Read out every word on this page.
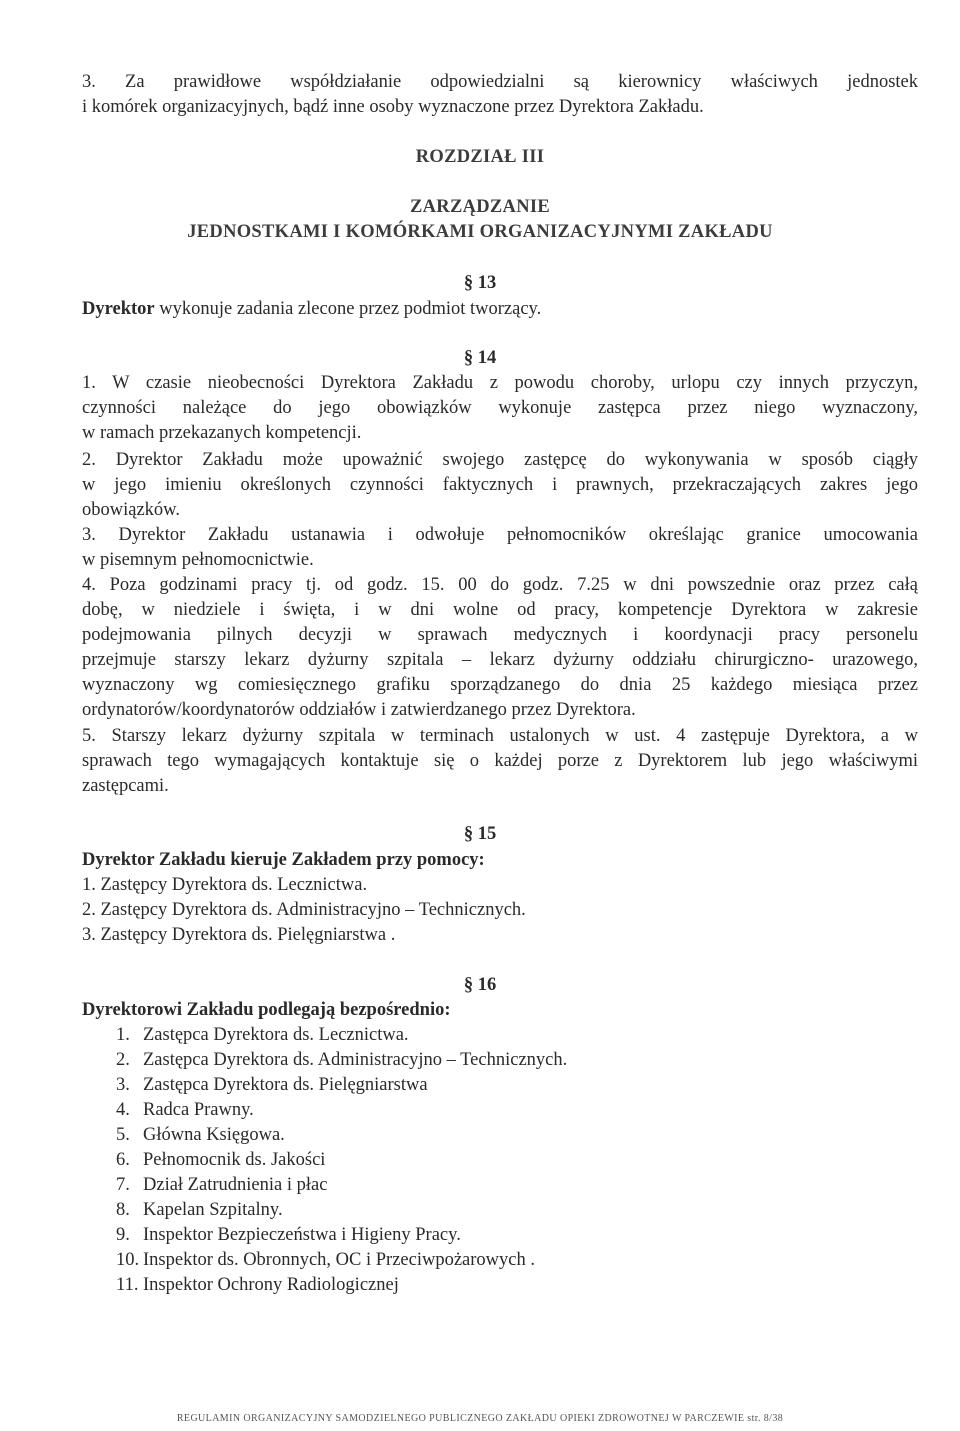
3. Za prawidłowe współdziałanie odpowiedzialni są kierownicy właściwych jednostek
i komórek organizacyjnych, bądź inne osoby wyznaczone przez Dyrektora Zakładu.
ROZDZIAŁ III
ZARZĄDZANIE
JEDNOSTKAMI I KOMÓRKAMI ORGANIZACYJNYMI ZAKŁADU
§ 13
Dyrektor wykonuje zadania zlecone przez podmiot tworzący.
§ 14
1. W czasie nieobecności Dyrektora Zakładu z powodu choroby, urlopu czy innych przyczyn,
czynności należące do jego obowiązków wykonuje zastępca przez niego wyznaczony,
w ramach przekazanych kompetencji.
2. Dyrektor Zakładu może upoważnić swojego zastępcę do wykonywania w sposób ciągły
w jego imieniu określonych czynności faktycznych i prawnych, przekraczających zakres jego
obowiązków.
3. Dyrektor Zakładu ustanawia i odwołuje pełnomocników określając granice umocowania
w pisemnym pełnomocnictwie.
4. Poza godzinami pracy tj. od godz. 15. 00 do godz. 7.25 w dni powszednie oraz przez całą
dobę, w niedziele i święta, i w dni wolne od pracy, kompetencje Dyrektora w zakresie
podejmowania pilnych decyzji w sprawach medycznych i koordynacji pracy personelu
przejmuje starszy lekarz dyżurny szpitala – lekarz dyżurny oddziału chirurgiczno- urazowego,
wyznaczony wg comiesięcznego grafiku sporządzanego do dnia 25 każdego miesiąca przez
ordynatorów/koordynatorów oddziałów i zatwierdzanego przez Dyrektora.
5. Starszy lekarz dyżurny szpitala w terminach ustalonych w ust. 4 zastępuje Dyrektora, a w
sprawach tego wymagających kontaktuje się o każdej porze z Dyrektorem lub jego właściwymi
zastępcami.
§ 15
Dyrektor Zakładu kieruje Zakładem przy pomocy:
1. Zastępcy Dyrektora ds. Lecznictwa.
2. Zastępcy Dyrektora ds. Administracyjno – Technicznych.
3. Zastępcy Dyrektora ds. Pielęgniarstwa .
§ 16
Dyrektorowi Zakładu podlegają bezpośrednio:
1. Zastępca Dyrektora ds. Lecznictwa.
2. Zastępca Dyrektora ds. Administracyjno – Technicznych.
3. Zastępca Dyrektora ds. Pielęgniarstwa
4. Radca Prawny.
5. Główna Księgowa.
6. Pełnomocnik ds. Jakości
7. Dział Zatrudnienia i płac
8. Kapelan Szpitalny.
9. Inspektor Bezpieczeństwa i Higieny Pracy.
10. Inspektor ds. Obronnych, OC i Przeciwpożarowych .
11. Inspektor Ochrony Radiologicznej
REGULAMIN ORGANIZACYJNY SAMODZIELNEGO PUBLICZNEGO ZAKŁADU OPIEKI ZDROWOTNEJ W PARCZEWIE str. 8/38
